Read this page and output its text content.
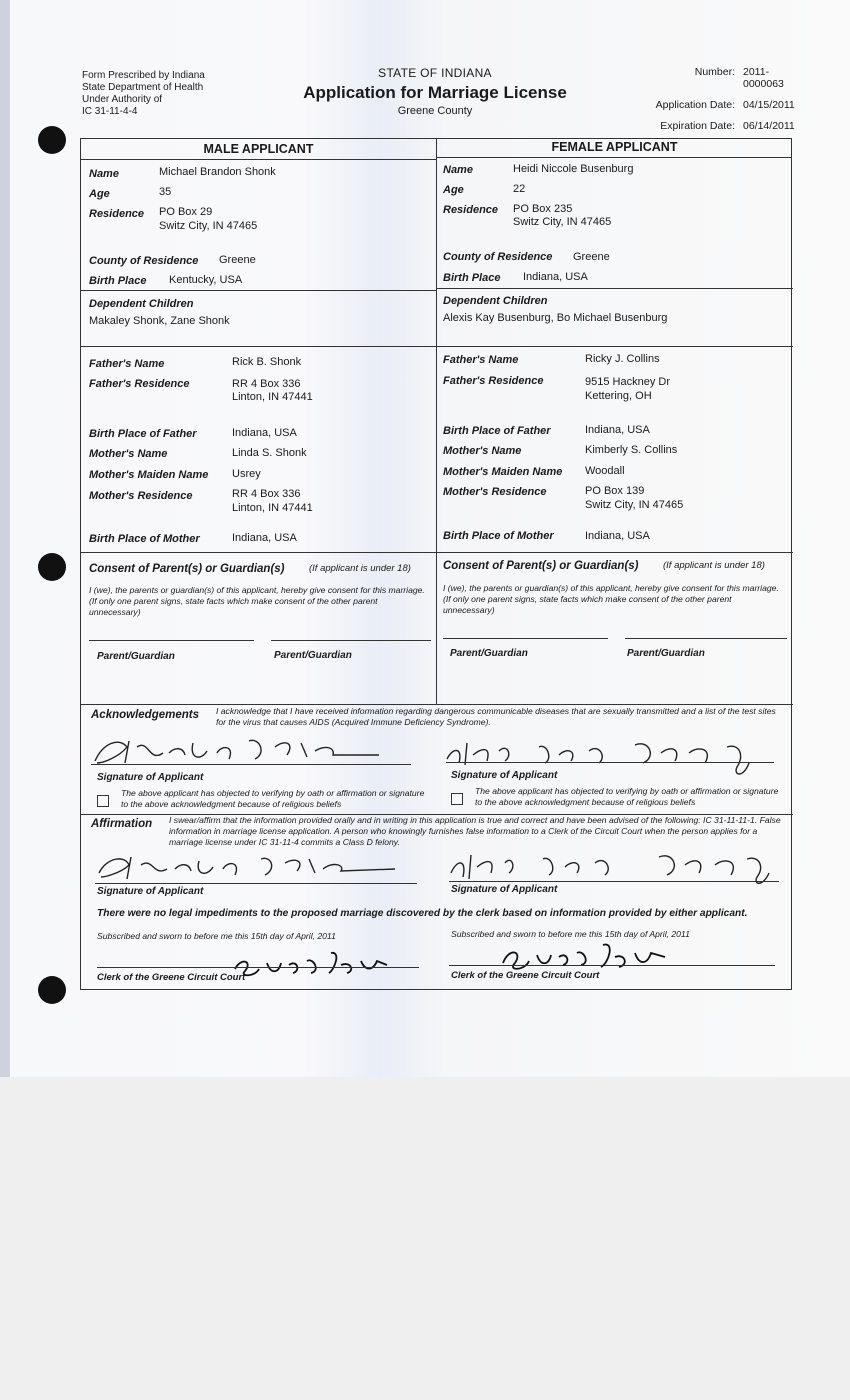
Form Prescribed by Indiana
State Department of Health
Under Authority of
IC 31-11-4-4
STATE OF INDIANA
Application for Marriage License
Greene County
Number: 2011-0000063
Application Date: 04/15/2011
Expiration Date: 06/14/2011
MALE APPLICANT
Name	Michael Brandon Shonk
Age	35
Residence PO Box 29
Switz City, IN 47465
County of Residence Greene
Birth Place Kentucky, USA
Dependent Children
Makaley Shonk, Zane Shonk
Father's Name	Rick B. Shonk
Father's Residence	RR 4 Box 336
Linton, IN 47441
Birth Place of Father	Indiana, USA
Mother's Name	Linda S. Shonk
Mother's Maiden Name Usrey
Mother's Residence	RR 4 Box 336
Linton, IN 47441
Birth Place of Mother	Indiana, USA
Consent of Parent(s) or Guardian(s)	(If applicant is under 18)
I (we), the parents or guardian(s) of this applicant, hereby give consent for this marriage. (If only one parent signs, state facts which make consent of the other parent unnecessary)
Parent/Guardian	Parent/Guardian
FEMALE APPLICANT
Name	Heidi Niccole Busenburg
Age	22
Residence PO Box 235
Switz City, IN 47465
County of Residence Greene
Birth Place Indiana, USA
Dependent Children
Alexis Kay Busenburg, Bo Michael Busenburg
Father's Name	Ricky J. Collins
Father's Residence	9515 Hackney Dr
Kettering, OH
Birth Place of Father	Indiana, USA
Mother's Name	Kimberly S. Collins
Mother's Maiden Name Woodall
Mother's Residence	PO Box 139
Switz City, IN 47465
Birth Place of Mother	Indiana, USA
Consent of Parent(s) or Guardian(s)	(If applicant is under 18)
I (we), the parents or guardian(s) of this applicant, hereby give consent for this marriage. (If only one parent signs, state facts which make consent of the other parent unnecessary)
Parent/Guardian	Parent/Guardian
Acknowledgements I acknowledge that I have received information regarding dangerous communicable diseases that are sexually transmitted and a list of the test sites for the virus that causes AIDS (Acquired Immune Deficiency Syndrome).
Signature of Applicant	Signature of Applicant
The above applicant has objected to verifying by oath or affirmation or signature to the above acknowledgment because of religious beliefs
The above applicant has objected to verifying by oath or affirmation or signature to the above acknowledgment because of religious beliefs
Affirmation I swear/affirm that the information provided orally and in writing in this application is true and correct and have been advised of the following: IC 31-11-11-1. False information in marriage license application. A person who knowingly furnishes false information to a Clerk of the Circuit Court when the person applies for a marriage license under IC 31-11-4 commits a Class D felony.
Signature of Applicant	Signature of Applicant
There were no legal impediments to the proposed marriage discovered by the clerk based on information provided by either applicant.
Subscribed and sworn to before me this 15th day of April, 2011	Subscribed and sworn to before me this 15th day of April, 2011
Clerk of the Greene Circuit Court	Clerk of the Greene Circuit Court
